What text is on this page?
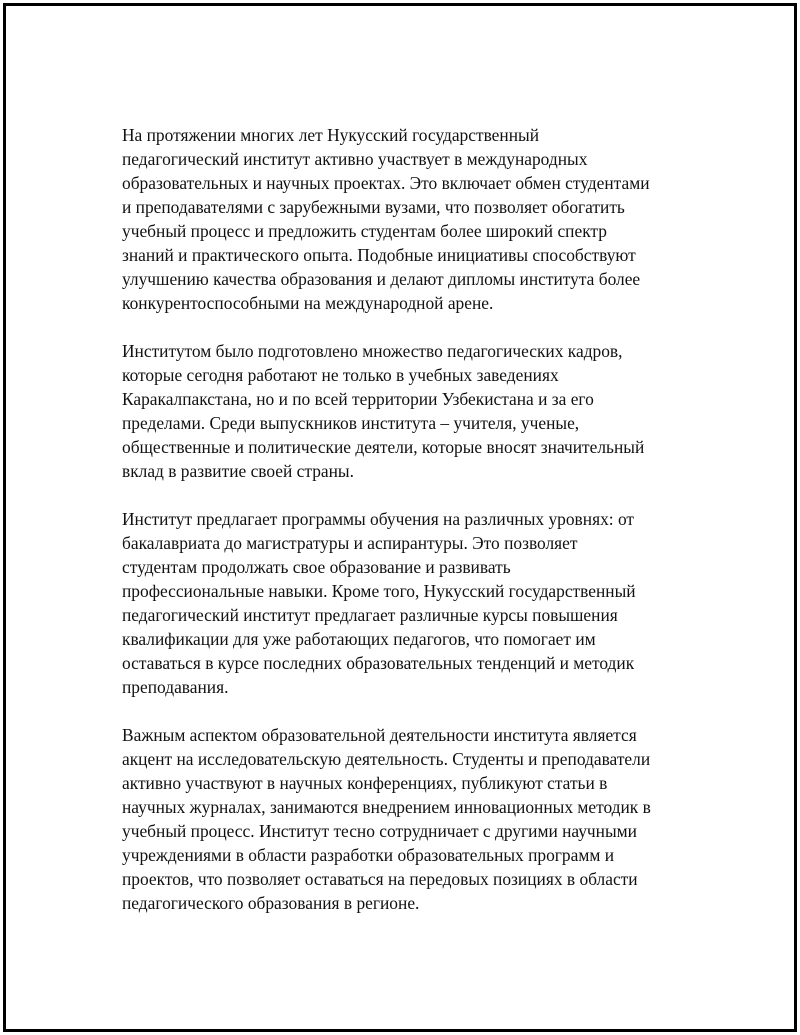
На протяжении многих лет Нукусский государственный
педагогический институт активно участвует в международных
образовательных и научных проектах. Это включает обмен студентами
и преподавателями с зарубежными вузами, что позволяет обогатить
учебный процесс и предложить студентам более широкий спектр
знаний и практического опыта. Подобные инициативы способствуют
улучшению качества образования и делают дипломы института более
конкурентоспособными на международной арене.

Институтом было подготовлено множество педагогических кадров,
которые сегодня работают не только в учебных заведениях
Каракалпакстана, но и по всей территории Узбекистана и за его
пределами. Среди выпускников института – учителя, ученые,
общественные и политические деятели, которые вносят значительный
вклад в развитие своей страны.

Институт предлагает программы обучения на различных уровнях: от
бакалавриата до магистратуры и аспирантуры. Это позволяет
студентам продолжать свое образование и развивать
профессиональные навыки. Кроме того, Нукусский государственный
педагогический институт предлагает различные курсы повышения
квалификации для уже работающих педагогов, что помогает им
оставаться в курсе последних образовательных тенденций и методик
преподавания.

Важным аспектом образовательной деятельности института является
акцент на исследовательскую деятельность. Студенты и преподаватели
активно участвуют в научных конференциях, публикуют статьи в
научных журналах, занимаются внедрением инновационных методик в
учебный процесс. Институт тесно сотрудничает с другими научными
учреждениями в области разработки образовательных программ и
проектов, что позволяет оставаться на передовых позициях в области
педагогического образования в регионе.
